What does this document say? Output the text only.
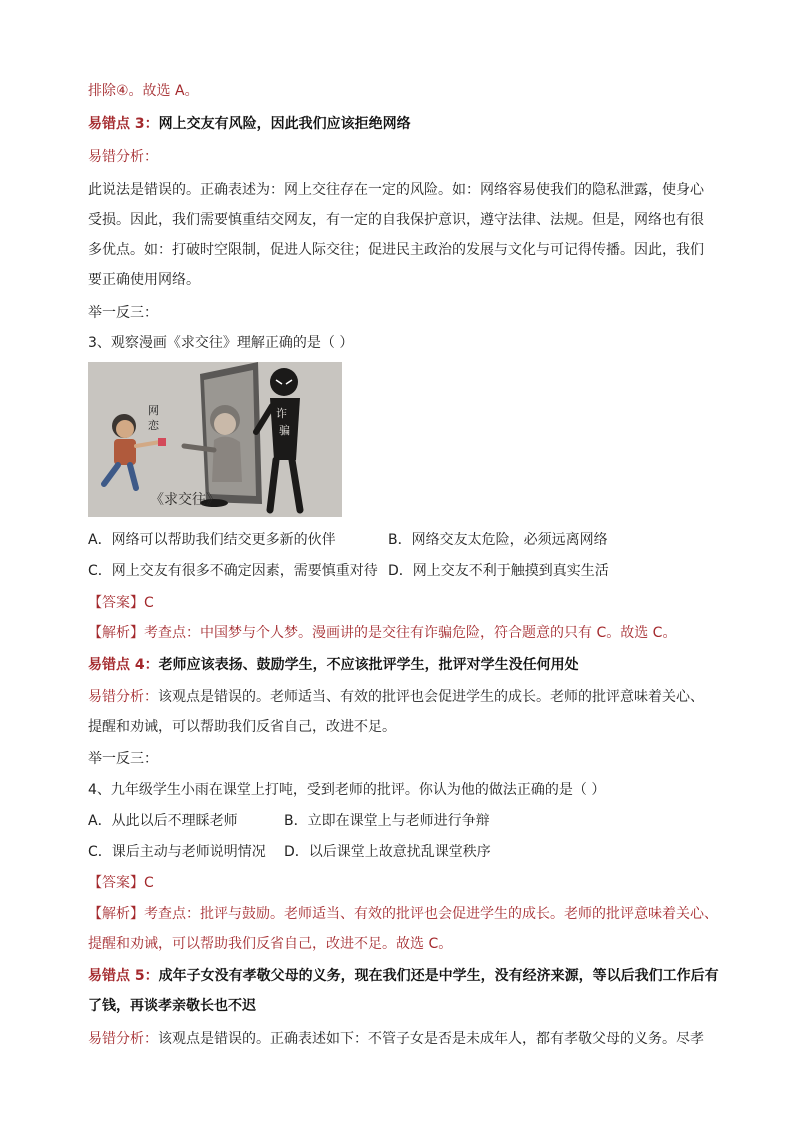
排除④。故选 A。
易错点 3：网上交友有风险，因此我们应该拒绝网络
易错分析：
此说法是错误的。正确表述为：网上交往存在一定的风险。如：网络容易使我们的隐私泄露，使身心
受损。因此，我们需要慎重结交网友，有一定的自我保护意识，遵守法律、法规。但是，网络也有很
多优点。如：打破时空限制，促进人际交往；促进民主政治的发展与文化与可记得传播。因此，我们
要正确使用网络。
举一反三：
3、观察漫画《求交往》理解正确的是（ ）
网
恋
诈
骗
《求交往》
A．网络可以帮助我们结交更多新的伙伴	B．网络交友太危险，必须远离网络
C．网上交友有很多不确定因素，需要慎重对待 D．网上交友不利于触摸到真实生活
【答案】C
【解析】考查点：中国梦与个人梦。漫画讲的是交往有诈骗危险，符合题意的只有 C。故选 C。
易错点 4：老师应该表扬、鼓励学生，不应该批评学生，批评对学生没任何用处
易错分析：该观点是错误的。老师适当、有效的批评也会促进学生的成长。老师的批评意味着关心、
提醒和劝诫，可以帮助我们反省自己，改进不足。
举一反三：
4、九年级学生小雨在课堂上打吨，受到老师的批评。你认为他的做法正确的是（ ）
A．从此以后不理睬老师	B．立即在课堂上与老师进行争辩
C．课后主动与老师说明情况 D．以后课堂上故意扰乱课堂秩序
【答案】C
【解析】考查点：批评与鼓励。老师适当、有效的批评也会促进学生的成长。老师的批评意味着关心、
提醒和劝诫，可以帮助我们反省自己，改进不足。故选 C。
易错点 5：成年子女没有孝敬父母的义务，现在我们还是中学生，没有经济来源，等以后我们工作后有
了钱，再谈孝亲敬长也不迟
易错分析：该观点是错误的。正确表述如下：不管子女是否是未成年人，都有孝敬父母的义务。尽孝
